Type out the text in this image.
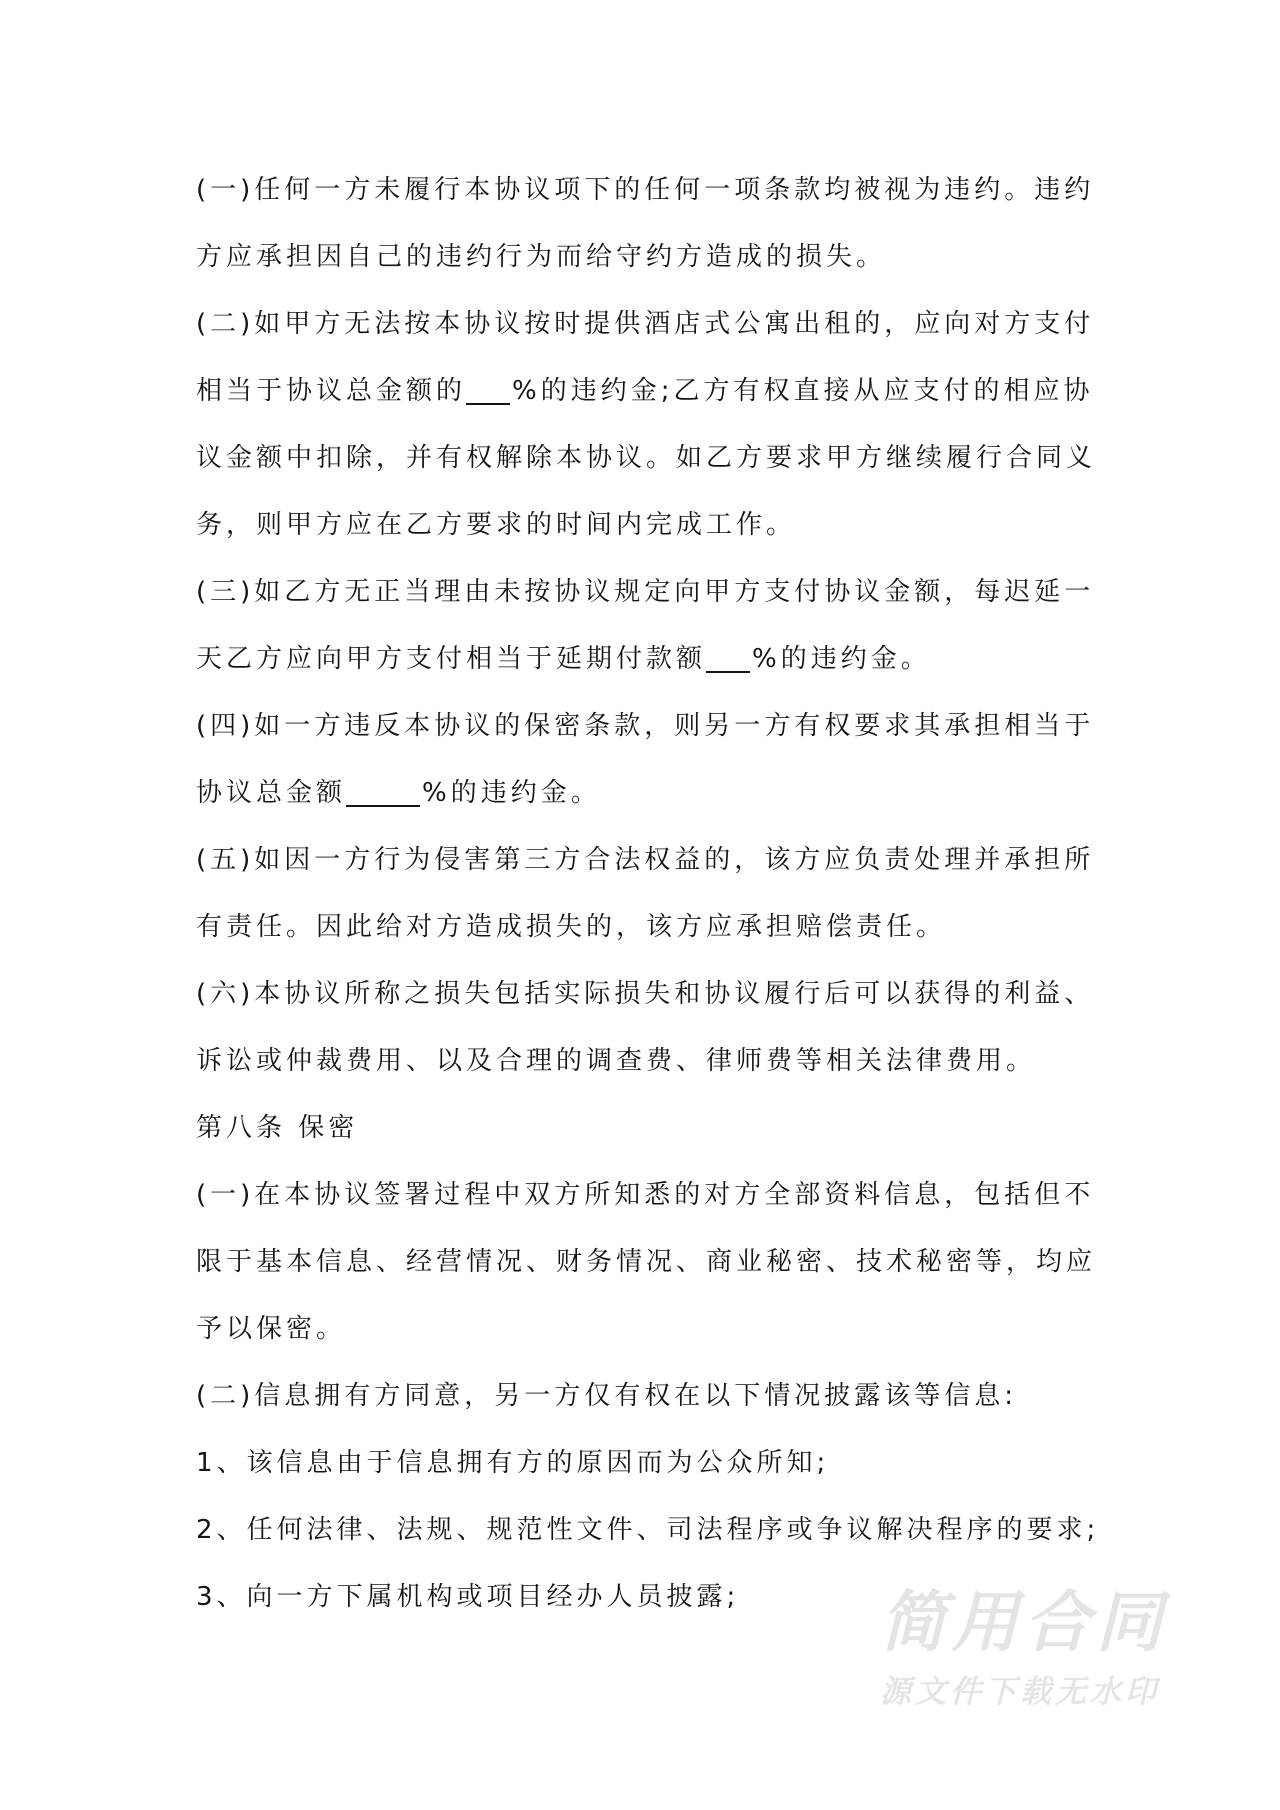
(一)任何一方未履行本协议项下的任何一项条款均被视为违约。违约
方应承担因自己的违约行为而给守约方造成的损失。
(二)如甲方无法按本协议按时提供酒店式公寓出租的，应向对方支付
相当于协议总金额的 %的违约金;乙方有权直接从应支付的相应协
议金额中扣除，并有权解除本协议。如乙方要求甲方继续履行合同义
务，则甲方应在乙方要求的时间内完成工作。
(三)如乙方无正当理由未按协议规定向甲方支付协议金额，每迟延一
天乙方应向甲方支付相当于延期付款额 %的违约金。
(四)如一方违反本协议的保密条款，则另一方有权要求其承担相当于
协议总金额	%的违约金。
(五)如因一方行为侵害第三方合法权益的，该方应负责处理并承担所
有责任。因此给对方造成损失的，该方应承担赔偿责任。
(六)本协议所称之损失包括实际损失和协议履行后可以获得的利益、
诉讼或仲裁费用、以及合理的调查费、律师费等相关法律费用。
第八条 保密
(一)在本协议签署过程中双方所知悉的对方全部资料信息，包括但不
限于基本信息、经营情况、财务情况、商业秘密、技术秘密等，均应
予以保密。
(二)信息拥有方同意，另一方仅有权在以下情况披露该等信息:
1、该信息由于信息拥有方的原因而为公众所知;
2、任何法律、法规、规范性文件、司法程序或争议解决程序的要求;
3、向一方下属机构或项目经办人员披露;	简用合同
源文件下载无水印
